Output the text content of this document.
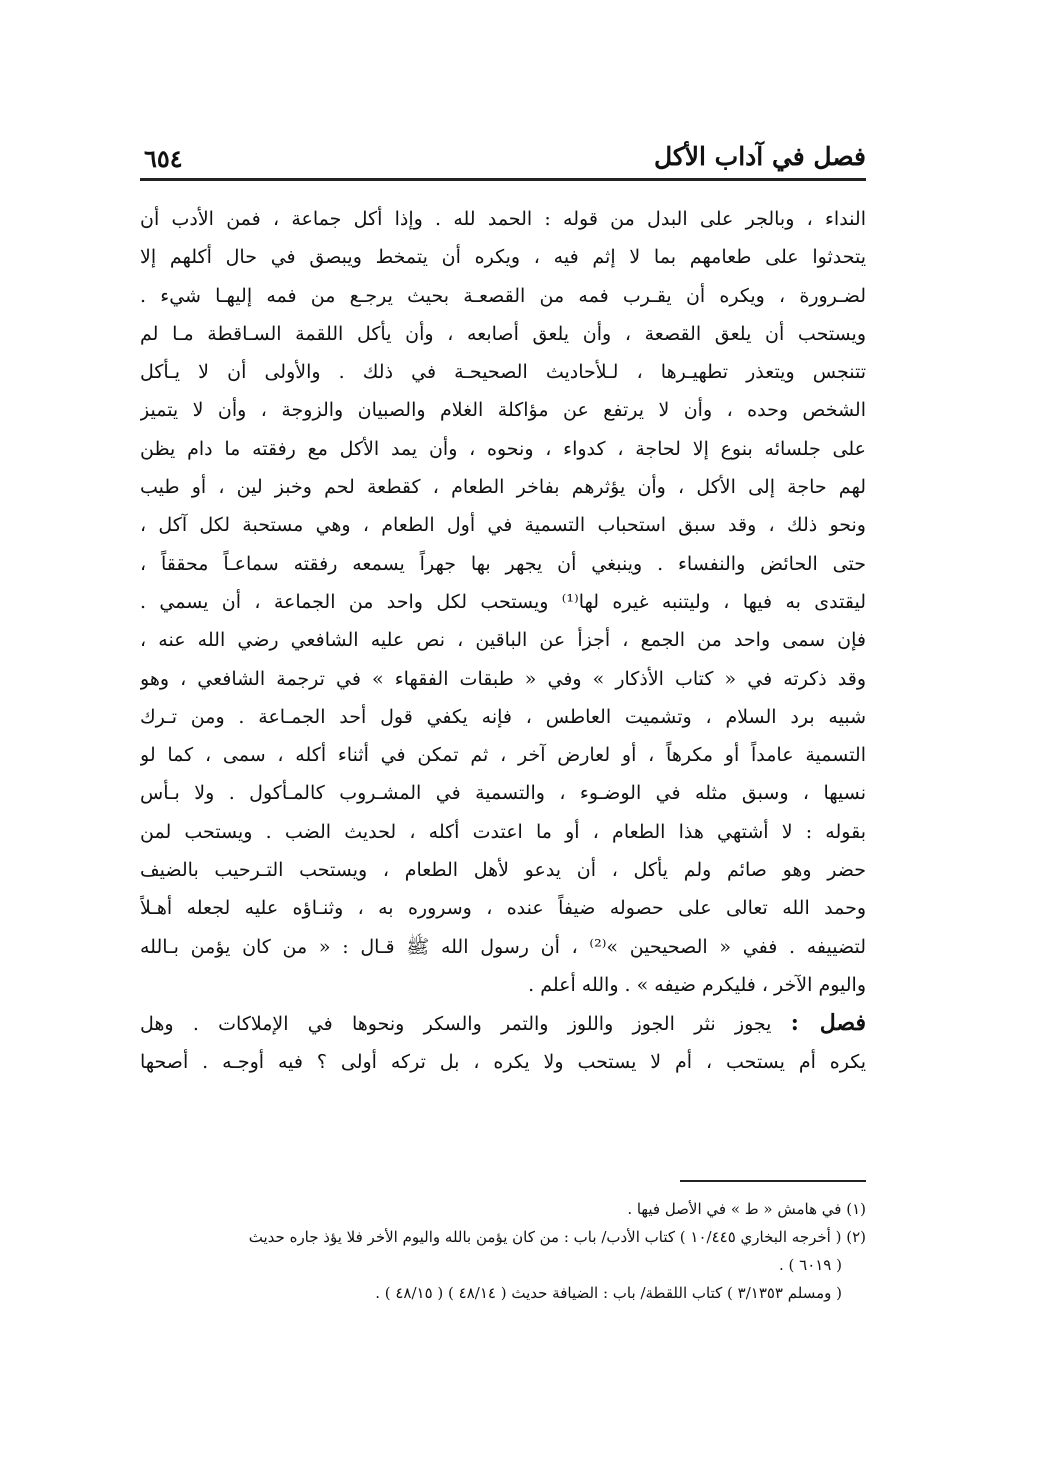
فصل في آداب الأكل
٦٥٤
النداء ، وبالجر على البدل من قوله : الحمد لله . وإذا أكل جماعة ، فمن الأدب أن
يتحدثوا على طعامهم بما لا إثم فيه ، ويكره أن يتمخط ويبصق في حال أكلهم إلا
لضـرورة ، ويكره أن يقـرب فمه من القصعـة بحيث يرجـع من فمه إليهـا شيء .
ويستحب أن يلعق القصعة ، وأن يلعق أصابعه ، وأن يأكل اللقمة السـاقطة مـا لم
تتنجس ويتعذر تطهيـرها ، لـلأحاديث الصحيحـة في ذلك . والأولى أن لا يـأكل
الشخص وحده ، وأن لا يرتفع عن مؤاكلة الغلام والصبيان والزوجة ، وأن لا يتميز
على جلسائه بنوع إلا لحاجة ، كدواء ، ونحوه ، وأن يمد الأكل مع رفقته ما دام يظن
لهم حاجة إلى الأكل ، وأن يؤثرهم بفاخر الطعام ، كقطعة لحم وخبز لين ، أو طيب
ونحو ذلك ، وقد سبق استحباب التسمية في أول الطعام ، وهي مستحبة لكل آكل ،
حتى الحائض والنفساء . وينبغي أن يجهر بها جهراً يسمعه رفقته سماعـاً محققاً ،
ليقتدى به فيها ، وليتنبه غيره لها⁽¹⁾ ويستحب لكل واحد من الجماعة ، أن يسمي .
فإن سمى واحد من الجمع ، أجزأ عن الباقين ، نص عليه الشافعي رضي الله عنه ،
وقد ذكرته في « كتاب الأذكار » وفي « طبقات الفقهاء » في ترجمة الشافعي ، وهو
شبيه برد السلام ، وتشميت العاطس ، فإنه يكفي قول أحد الجمـاعة . ومن تـرك
التسمية عامداً أو مكرهاً ، أو لعارض آخر ، ثم تمكن في أثناء أكله ، سمى ، كما لو
نسيها ، وسبق مثله في الوضـوء ، والتسمية في المشـروب كالمـأكول . ولا بـأس
بقوله : لا أشتهي هذا الطعام ، أو ما اعتدت أكله ، لحديث الضب . ويستحب لمن
حضر وهو صائم ولم يأكل ، أن يدعو لأهل الطعام ، ويستحب التـرحيب بالضيف
وحمد الله تعالى على حصوله ضيفاً عنده ، وسروره به ، وثنـاؤه عليه لجعله أهـلاً
لتضييفه . ففي « الصحيحين »⁽²⁾ ، أن رسول الله ﷺ قـال : « من كان يؤمن بـالله
واليوم الآخر ، فليكرم ضيفه » . والله أعلم .
فصل : يجوز نثر الجوز واللوز والتمر والسكر ونحوها في الإملاكات . وهل
يكره أم يستحب ، أم لا يستحب ولا يكره ، بل تركه أولى ؟ فيه أوجـه . أصحها
(١) في هامش « ط » في الأصل فيها .
(٢) ( أخرجه البخاري ١٠/٤٤٥ ) كتاب الأدب/ باب : من كان يؤمن بالله واليوم الأخر فلا يؤذ جاره حديث
( ٦٠١٩ ) .
( ومسلم ٣/١٣٥٣ ) كتاب اللقطة/ باب : الضيافة حديث ( ٤٨/١٤ ) ( ٤٨/١٥ ) .
